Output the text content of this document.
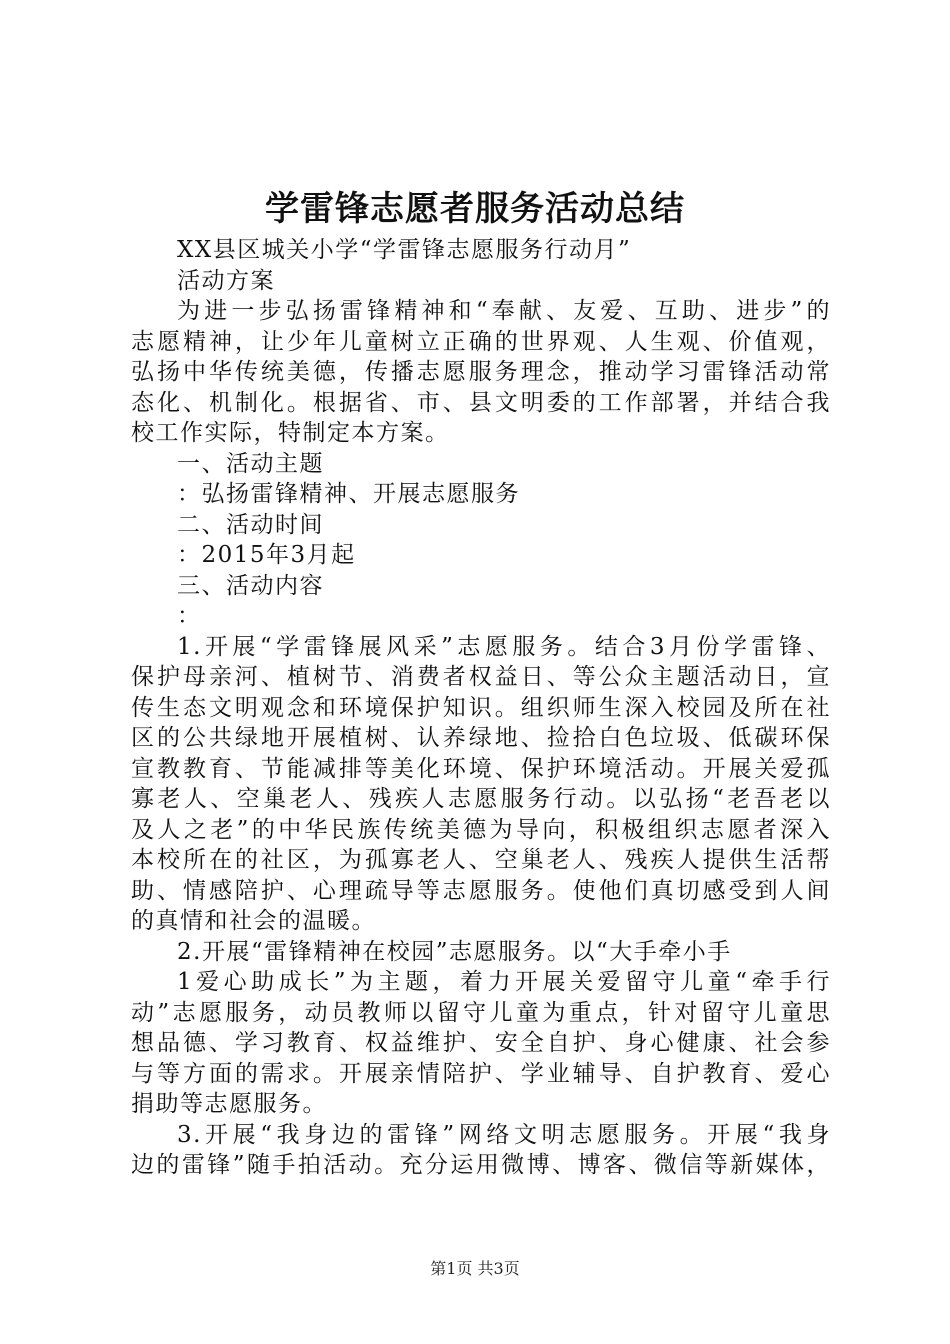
学雷锋志愿者服务活动总结
XX县区城关小学“学雷锋志愿服务行动月”
活动方案
为进一步弘扬雷锋精神和“奉献、友爱、互助、进步”的
志愿精神，让少年儿童树立正确的世界观、人生观、价值观，
弘扬中华传统美德，传播志愿服务理念，推动学习雷锋活动常
态化、机制化。根据省、市、县文明委的工作部署，并结合我
校工作实际，特制定本方案。
一、活动主题
：弘扬雷锋精神、开展志愿服务
二、活动时间
：2015年3月起
三、活动内容
：
1.开展“学雷锋展风采”志愿服务。结合3月份学雷锋、
保护母亲河、植树节、消费者权益日、等公众主题活动日，宣
传生态文明观念和环境保护知识。组织师生深入校园及所在社
区的公共绿地开展植树、认养绿地、捡拾白色垃圾、低碳环保
宣教教育、节能减排等美化环境、保护环境活动。开展关爱孤
寡老人、空巢老人、残疾人志愿服务行动。以弘扬“老吾老以
及人之老”的中华民族传统美德为导向，积极组织志愿者深入
本校所在的社区，为孤寡老人、空巢老人、残疾人提供生活帮
助、情感陪护、心理疏导等志愿服务。使他们真切感受到人间
的真情和社会的温暖。
2.开展“雷锋精神在校园”志愿服务。以“大手牵小手
1爱心助成长”为主题，着力开展关爱留守儿童“牵手行
动”志愿服务，动员教师以留守儿童为重点，针对留守儿童思
想品德、学习教育、权益维护、安全自护、身心健康、社会参
与等方面的需求。开展亲情陪护、学业辅导、自护教育、爱心
捐助等志愿服务。
3.开展“我身边的雷锋”网络文明志愿服务。开展“我身
边的雷锋”随手拍活动。充分运用微博、博客、微信等新媒体，
第1页 共3页
